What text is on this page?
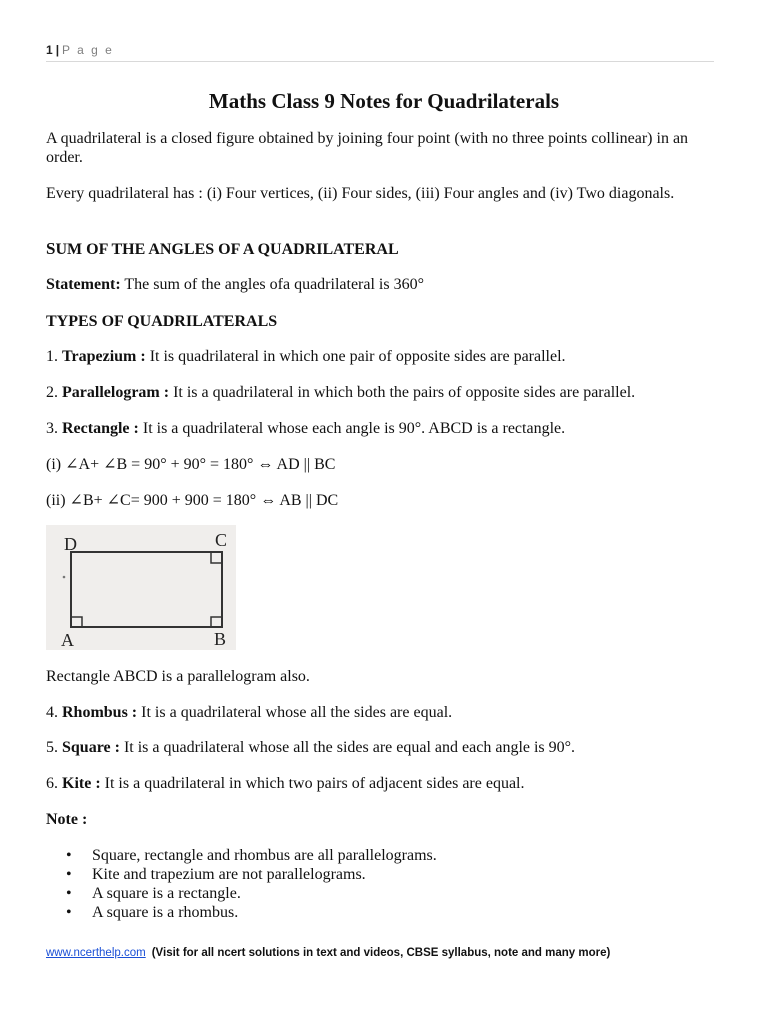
1 | P a g e
Maths Class 9 Notes for Quadrilaterals

A quadrilateral is a closed figure obtained by joining four point (with no three points collinear) in an order.

Every quadrilateral has : (i) Four vertices, (ii) Four sides, (iii) Four angles and (iv) Two diagonals.

SUM OF THE ANGLES OF A QUADRILATERAL

Statement: The sum of the angles ofa quadrilateral is 360°

TYPES OF QUADRILATERALS

1. Trapezium : It is quadrilateral in which one pair of opposite sides are parallel.

2. Parallelogram : It is a quadrilateral in which both the pairs of opposite sides are parallel.

3. Rectangle : It is a quadrilateral whose each angle is 90°. ABCD is a rectangle.

(i) ∠A+ ∠B = 90° + 90° = 180° ⇔ AD || BC

(ii) ∠B+ ∠C= 900 + 900 = 180° ⇔ AB || DC

D	C
A	B

Rectangle ABCD is a parallelogram also.

4. Rhombus : It is a quadrilateral whose all the sides are equal.

5. Square : It is a quadrilateral whose all the sides are equal and each angle is 90°.

6. Kite : It is a quadrilateral in which two pairs of adjacent sides are equal.

Note :

• Square, rectangle and rhombus are all parallelograms.
• Kite and trapezium are not parallelograms.
• A square is a rectangle.
• A square is a rhombus.
www.ncerthelp.com (Visit for all ncert solutions in text and videos, CBSE syllabus, note and many more)
